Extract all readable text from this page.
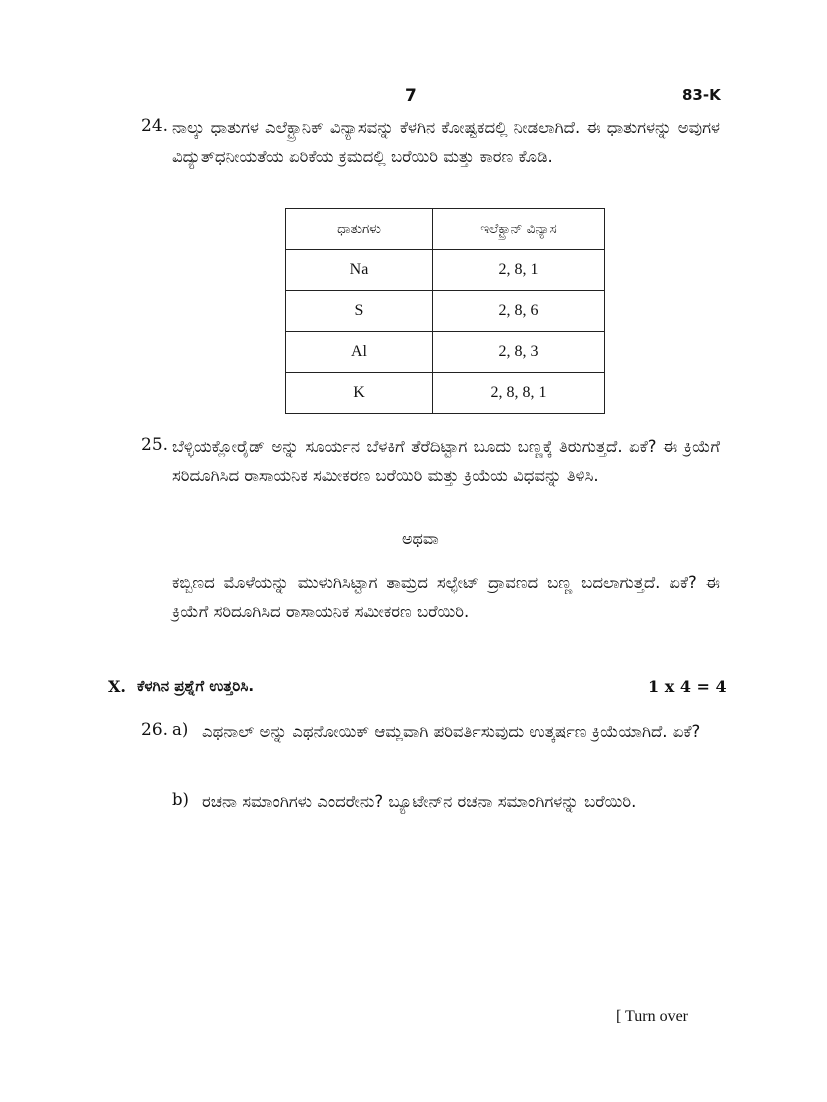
7	83-K
24. ನಾಲ್ಕು ಧಾತುಗಳ ಎಲೆಕ್ಟ್ರಾನಿಕ್ ವಿನ್ಯಾಸವನ್ನು ಕೆಳಗಿನ ಕೋಷ್ಟಕದಲ್ಲಿ ನೀಡಲಾಗಿದೆ. ಈ ಧಾತುಗಳನ್ನು ಅವುಗಳ ವಿದ್ಯುತ್‌ಧನೀಯತೆಯ ಏರಿಕೆಯ ಕ್ರಮದಲ್ಲಿ ಬರೆಯಿರಿ ಮತ್ತು ಕಾರಣ ಕೊಡಿ.
ಧಾತುಗಳು	ಇಲೆಕ್ಟ್ರಾನ್ ವಿನ್ಯಾಸ
Na	2, 8, 1
S	2, 8, 6
Al	2, 8, 3
K	2, 8, 8, 1
25. ಬೆಳ್ಳಿಯಕ್ಲೋರೈಡ್ ಅನ್ನು ಸೂರ್ಯನ ಬೆಳಕಿಗೆ ತೆರೆದಿಟ್ಟಾಗ ಬೂದು ಬಣ್ಣಕ್ಕೆ ತಿರುಗುತ್ತದೆ. ಏಕೆ? ಈ ಕ್ರಿಯೆಗೆ ಸರಿದೂಗಿಸಿದ ರಾಸಾಯನಿಕ ಸಮೀಕರಣ ಬರೆಯಿರಿ ಮತ್ತು ಕ್ರಿಯೆಯ ವಿಧವನ್ನು ತಿಳಿಸಿ.
ಅಥವಾ
ಕಬ್ಬಿಣದ ಮೊಳೆಯನ್ನು ಮುಳುಗಿಸಿಟ್ಟಾಗ ತಾಮ್ರದ ಸಲ್ಫೇಟ್ ದ್ರಾವಣದ ಬಣ್ಣ ಬದಲಾಗುತ್ತದೆ. ಏಕೆ? ಈ ಕ್ರಿಯೆಗೆ ಸರಿದೂಗಿಸಿದ ರಾಸಾಯನಿಕ ಸಮೀಕರಣ ಬರೆಯಿರಿ.
X. ಕೆಳಗಿನ ಪ್ರಶ್ನೆಗೆ ಉತ್ತರಿಸಿ.	1 x 4 = 4
26. a) ಎಥನಾಲ್ ಅನ್ನು ಎಥನೋಯಿಕ್ ಆಮ್ಲವಾಗಿ ಪರಿವರ್ತಿಸುವುದು ಉತ್ಕರ್ಷಣ ಕ್ರಿಯೆಯಾಗಿದೆ. ಏಕೆ?
b) ರಚನಾ ಸಮಾಂಗಿಗಳು ಎಂದರೇನು? ಬ್ಯೂಟೇನ್‌ನ ರಚನಾ ಸಮಾಂಗಿಗಳನ್ನು ಬರೆಯಿರಿ.
[ Turn over
